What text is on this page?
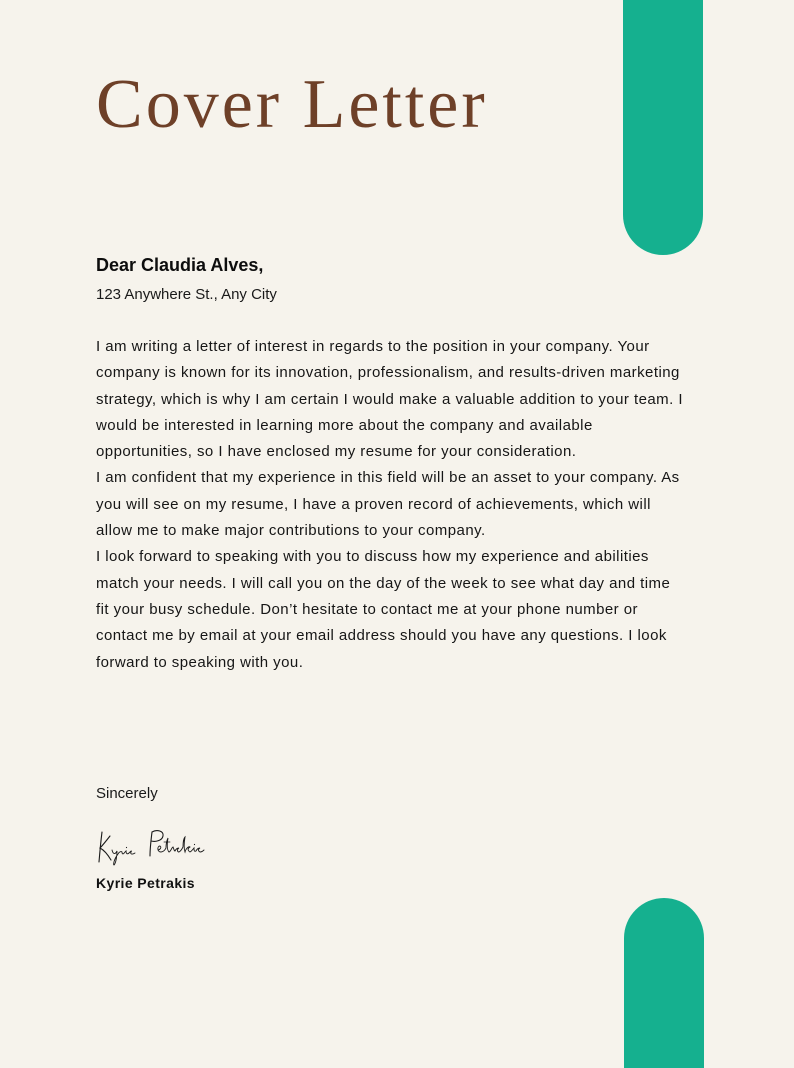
Cover Letter

Dear Claudia Alves,

123 Anywhere St., Any City

I am writing a letter of interest in regards to the position in your company. Your company is known for its innovation, professionalism, and results-driven marketing strategy, which is why I am certain I would make a valuable addition to your team. I would be interested in learning more about the company and available opportunities, so I have enclosed my resume for your consideration.

I am confident that my experience in this field will be an asset to your company. As you will see on my resume, I have a proven record of achievements, which will allow me to make major contributions to your company.

I look forward to speaking with you to discuss how my experience and abilities match your needs. I will call you on the day of the week to see what day and time fit your busy schedule. Don’t hesitate to contact me at your phone number or contact me by email at your email address should you have any questions. I look forward to speaking with you.

Sincerely

Kyrie Petrakis
